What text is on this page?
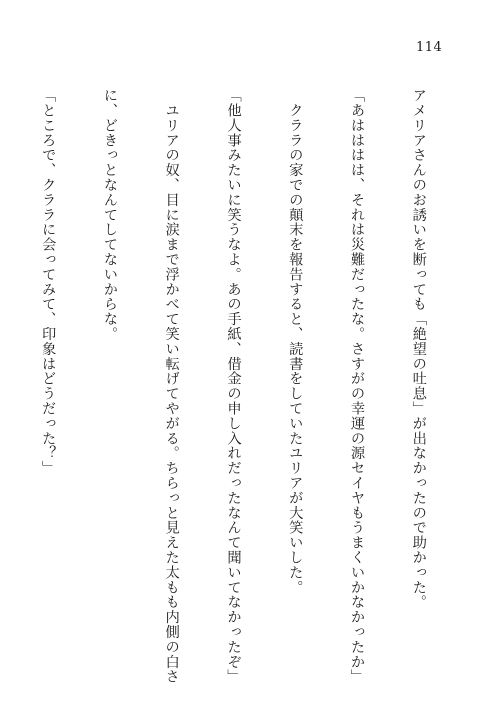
114

アメリアさんのお誘いを断っても「絶望の吐息」が出なかったので助かった。

「あはははは、それは災難だったな。さすがの幸運の源セイヤもうまくいかなかったか」

　クララの家での顛末を報告すると、読書をしていたユリアが大笑いした。

「他人事みたいに笑うなよ。あの手紙、借金の申し入れだったなんて聞いてなかったぞ」

　ユリアの奴、目に涙まで浮かべて笑い転げてやがる。ちらっと見えた太もも内側の白さ

に、どきっとなんてしてないからな。

「ところで、クララに会ってみて、印象はどうだった？」
